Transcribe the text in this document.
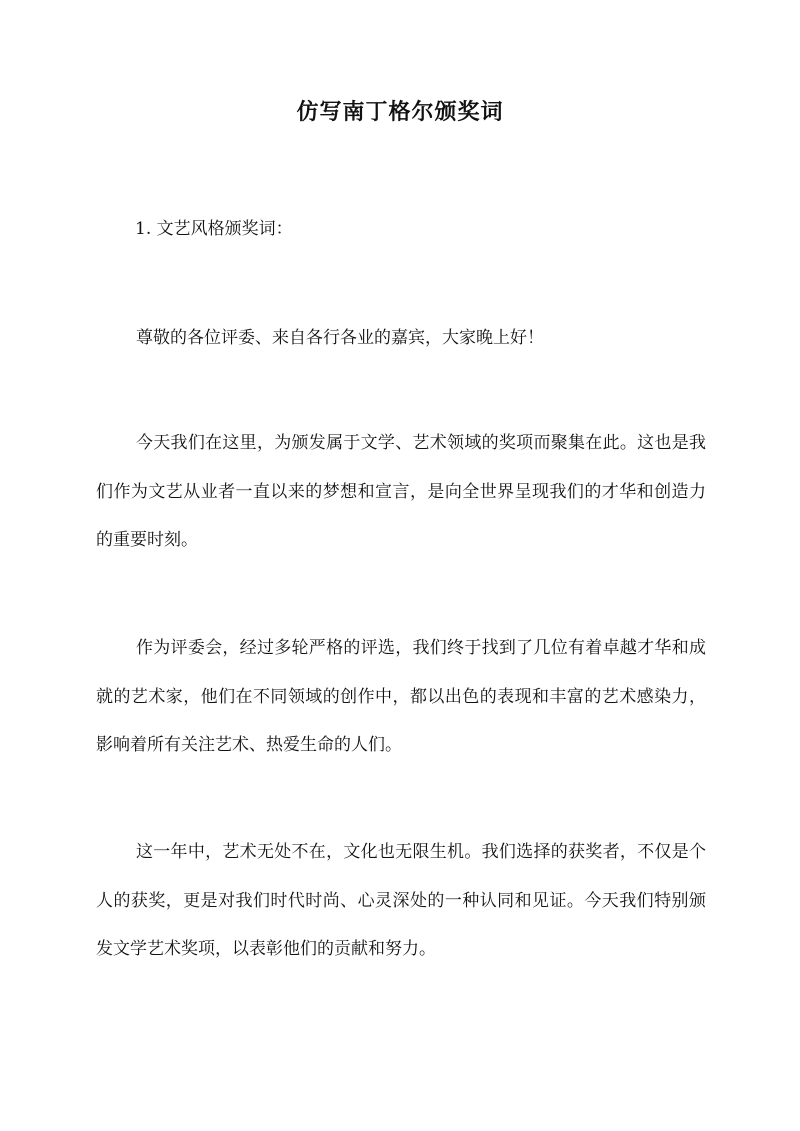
仿写南丁格尔颁奖词
1. 文艺风格颁奖词：
尊敬的各位评委、来自各行各业的嘉宾，大家晚上好！
今天我们在这里，为颁发属于文学、艺术领域的奖项而聚集在此。这也是我们作为文艺从业者一直以来的梦想和宣言，是向全世界呈现我们的才华和创造力的重要时刻。
作为评委会，经过多轮严格的评选，我们终于找到了几位有着卓越才华和成就的艺术家，他们在不同领域的创作中，都以出色的表现和丰富的艺术感染力，影响着所有关注艺术、热爱生命的人们。
这一年中，艺术无处不在，文化也无限生机。我们选择的获奖者，不仅是个人的获奖，更是对我们时代时尚、心灵深处的一种认同和见证。今天我们特别颁发文学艺术奖项，以表彰他们的贡献和努力。
